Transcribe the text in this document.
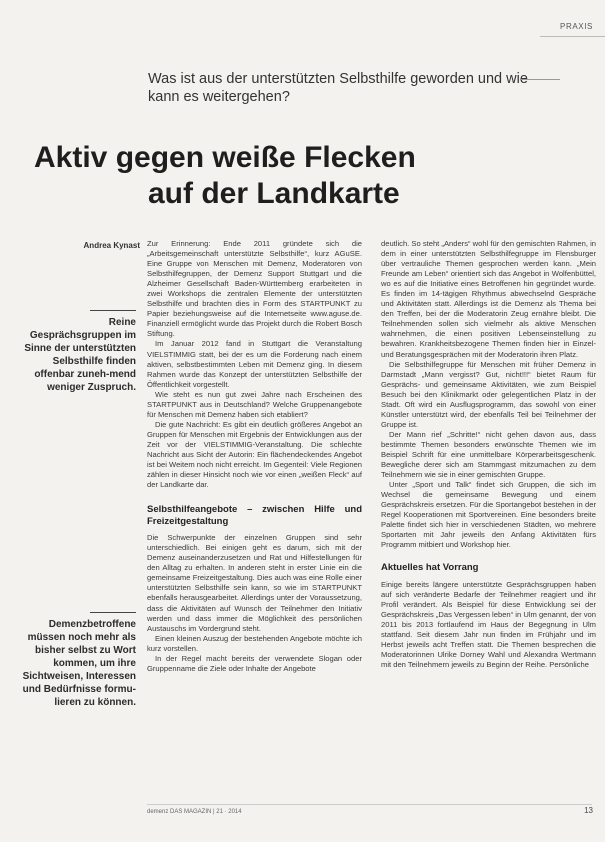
PRAXIS
Was ist aus der unterstützten Selbsthilfe geworden und wie kann es weitergehen?
Aktiv gegen weiße Flecken
auf der Landkarte
Andrea Kynast
Reine Gesprächsgruppen im Sinne der unterstützten Selbsthilfe finden offenbar zuneh-mend weniger Zuspruch.
Demenzbetroffene müssen noch mehr als bisher selbst zu Wort kommen, um ihre Sichtweisen, Interessen und Bedürfnisse formu-lieren zu können.

Zur Erinnerung: Ende 2011 gründete sich die „Arbeitsgemeinschaft unterstützte Selbsthilfe“, kurz AGuSE. Eine Gruppe von Menschen mit Demenz, Moderatoren von Selbsthilfegruppen, der Demenz Support Stuttgart und die Alzheimer Gesellschaft Baden-Württemberg erarbeiteten in zwei Workshops die zentralen Elemente der unterstützten Selbsthilfe und brachten dies in Form des STARTPUNKT zu Papier beziehungsweise auf die Internetseite www.aguse.de. Finanziell ermöglicht wurde das Projekt durch die Robert Bosch Stiftung.

Im Januar 2012 fand in Stuttgart die Veranstaltung VIELSTIMMIG statt, bei der es um die Forderung nach einem aktiven, selbstbestimmten Leben mit Demenz ging. In diesem Rahmen wurde das Konzept der unterstützten Selbsthilfe der Öffentlichkeit vorgestellt.

Wie steht es nun gut zwei Jahre nach Erscheinen des STARTPUNKT aus in Deutschland? Welche Gruppenangebote für Menschen mit Demenz haben sich etabliert?

Die gute Nachricht: Es gibt ein deutlich größeres Angebot an Gruppen für Menschen mit Ergebnis der Entwicklungen aus der Zeit vor der VIELSTIMMIG-Veranstaltung. Die schlechte Nachricht aus Sicht der Autorin: Ein flächendeckendes Angebot ist bei Weitem noch nicht erreicht. Im Gegenteil: Viele Regionen zählen in dieser Hinsicht noch wie vor einen „weißen Fleck“ auf der Landkarte dar.

Selbsthilfeangebote – zwischen Hilfe und Freizeitgestaltung

Die Schwerpunkte der einzelnen Gruppen sind sehr unterschiedlich. Bei einigen geht es darum, sich mit der Demenz auseinanderzusetzen und Rat und Hilfestellungen für den Alltag zu erhalten. In anderen steht in erster Linie ein die gemeinsame Freizeitgestaltung. Dies auch was eine Rolle einer unterstützten Selbsthilfe sein kann, so wie im STARTPUNKT ebenfalls herausgearbeitet. Allerdings unter der Voraussetzung, dass die Aktivitäten auf Wunsch der Teilnehmer den Initiativ werden und dass immer die Möglichkeit des persönlichen Austauschs im Vordergrund steht.

Einen kleinen Auszug der bestehenden Angebote möchte ich kurz vorstellen.

In der Regel macht bereits der verwendete Slogan oder Gruppenname die Ziele oder Inhalte der Angebote

deutlich. So steht „Anders“ wohl für den gemischten Rahmen, in dem in einer unterstützten Selbsthilfegruppe im Flensburger über vertrauliche Themen gesprochen werden kann. „Mein Freunde am Leben“ orientiert sich das Angebot in Wolfenbüttel, wo es auf die Initiative eines Betroffenen hin gegründet wurde. Es finden im 14-tägigen Rhythmus abwechselnd Gespräche und Aktivitäten statt. Allerdings ist die Demenz als Thema bei den Treffen, bei der die Moderatorin Zeug ernähre bleibt. Die Teilnehmenden sollen sich vielmehr als aktive Menschen wahrnehmen, die einen positiven Lebenseinstellung zu bewahren. Krankheitsbezogene Themen finden hier in Einzel- und Beratungsgesprächen mit der Moderatorin ihren Platz.

Die Selbsthilfegruppe für Menschen mit früher Demenz in Darmstadt „Mann vergisst? Gut, nicht!!!“ bietet Raum für Gesprächs- und gemeinsame Aktivitäten, wie zum Beispiel Besuch bei den Klinikmarkt oder gelegentlichen Platz in der Stadt. Oft wird ein Ausflugsprogramm, das sowohl von einer Künstler unterstützt wird, der ebenfalls Teil bei Teilnehmer der Gruppe ist.

Der Mann rief „Schritte!“ nicht gehen davon aus, dass bestimmte Themen besonders erwünschte Themen wie im Beispiel Schrift für eine unmittelbare Körperarbeitsgeschenk. Bewegliche derer sich am Stammgast mitzumachen zu dem Teilnehmern wie sie in einer gemischten Gruppe.

Unter „Sport und Talk“ findet sich Gruppen, die sich im Wechsel die gemeinsame Bewegung und einem Gesprächskreis ersetzen. Für die Sportangebot bestehen in der Regel Kooperationen mit Sportvereinen. Eine besonders breite Palette findet sich hier in verschiedenen Städten, wo mehrere Sportarten mit Jahr jeweils den Anfang Aktivitäten fürs Programm mitbiert und Workshop hier.

Aktuelles hat Vorrang

Einige bereits längere unterstützte Gesprächsgruppen haben auf sich veränderte Bedarfe der Teilnehmer reagiert und ihr Profil verändert. Als Beispiel für diese Entwicklung sei der Gesprächskreis „Das Vergessen leben“ in Ulm genannt, der von 2011 bis 2013 fortlaufend im Haus der Begegnung in Ulm stattfand. Seit diesem Jahr nun finden im Frühjahr und im Herbst jeweils acht Treffen statt. Die Themen besprechen die Moderatorinnen Ulrike Dorney Wahl und Alexandra Wertmann mit den Teilnehmern jeweils zu Beginn der Reihe. Persönliche

demenz DAS MAGAZIN | 21 · 2014	13
